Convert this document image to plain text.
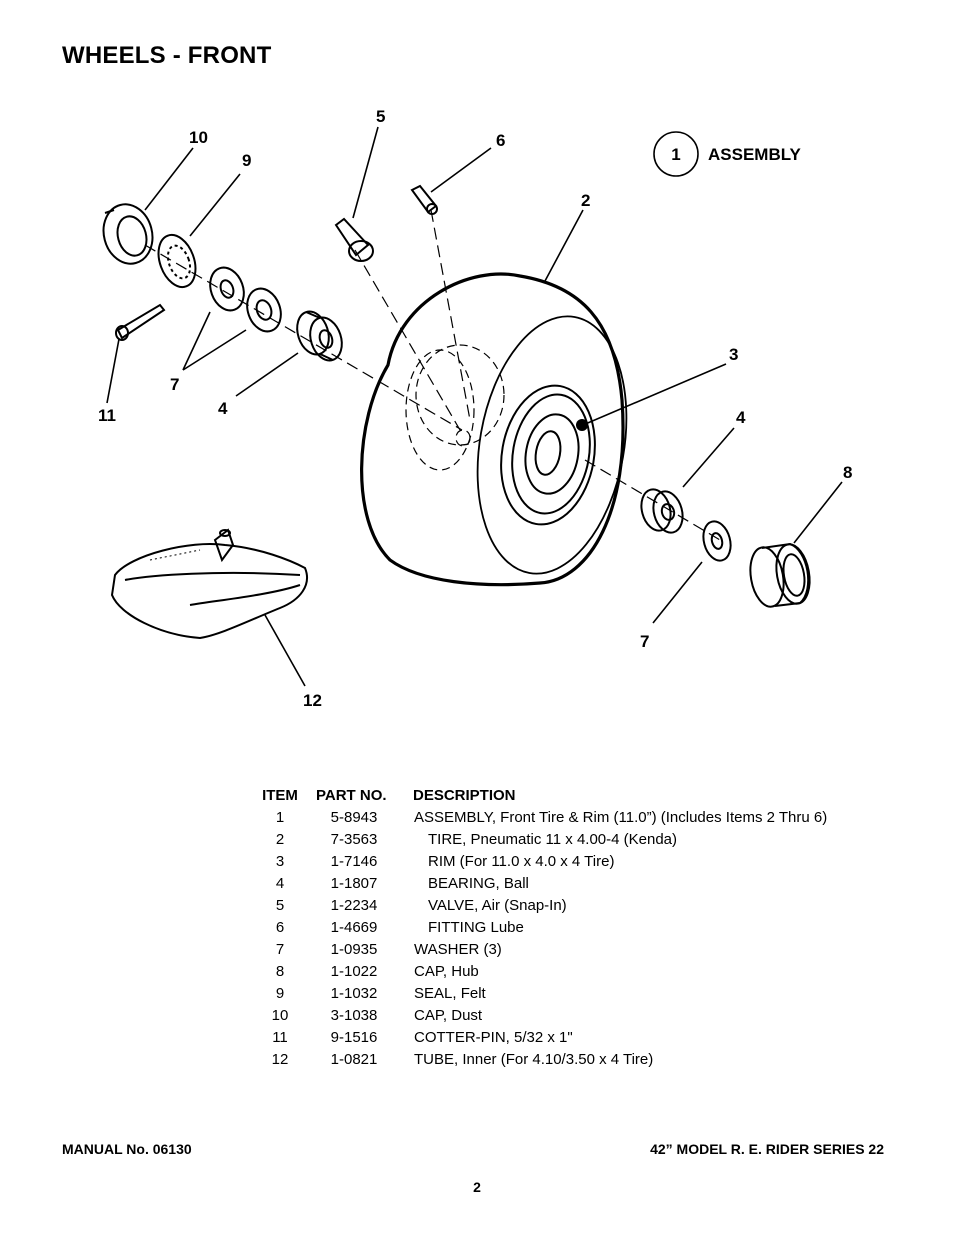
WHEELS - FRONT
10
9
5
6
2
3
4
8
7
4
11
7
12
1 ASSEMBLY
ITEM	PART NO.	DESCRIPTION
1	5-8943	ASSEMBLY, Front Tire & Rim (11.0”) (Includes Items 2 Thru 6)
2	7-3563	TIRE, Pneumatic 11 x 4.00-4 (Kenda)
3	1-7146	RIM (For 11.0 x 4.0 x 4 Tire)
4	1-1807	BEARING, Ball
5	1-2234	VALVE, Air (Snap-In)
6	1-4669	FITTING Lube
7	1-0935	WASHER (3)
8	1-1022	CAP, Hub
9	1-1032	SEAL, Felt
10	3-1038	CAP, Dust
11	9-1516	COTTER-PIN, 5/32 x 1"
12	1-0821	TUBE, Inner (For 4.10/3.50 x 4 Tire)
MANUAL No. 06130	42” MODEL R. E. RIDER SERIES 22
2
